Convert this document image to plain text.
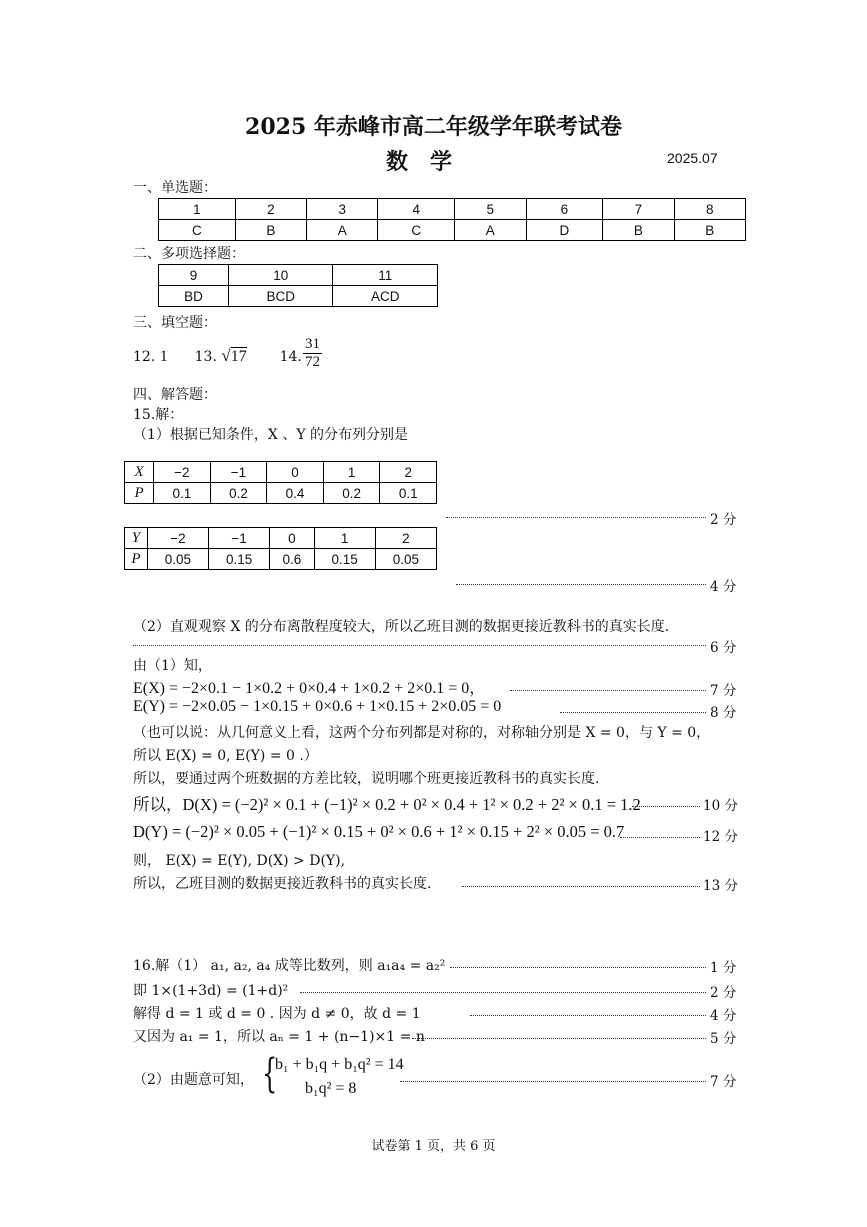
2025 年赤峰市高二年级学年联考试卷
数学	2025.07
一、单选题：
1	2	3	4	5	6	7	8
C	B	A	C	A	D	B	B
二、多项选择题：
9	10	11
BD	BCD	ACD
三、填空题：
12. 1 13. √17 14. $\frac{31}{72}$
四、解答题：
15.解：
（1）根据已知条件，X 、Y 的分布列分别是
X	−2	−1	0	1	2
P	0.1	0.2	0.4	0.2	0.1
2 分
Y	−2	−1	0	1	2
P	0.05	0.15	0.6	0.15	0.05
4 分
（2）直观观察 X 的分布离散程度较大，所以乙班目测的数据更接近教科书的真实长度.
6 分
由（1）知，
E(X) = −2×0.1 − 1×0.2 + 0×0.4 + 1×0.2 + 2×0.1 = 0，	7 分
E(Y) = −2×0.05 − 1×0.15 + 0×0.6 + 1×0.15 + 2×0.05 = 0	8 分
（也可以说：从几何意义上看，这两个分布列都是对称的，对称轴分别是 X = 0，与 Y = 0，
所以 E(X) = 0, E(Y) = 0 .）
所以，要通过两个班数据的方差比较，说明哪个班更接近教科书的真实长度.
所以，D(X) = (−2)² × 0.1 + (−1)² × 0.2 + 0² × 0.4 + 1² × 0.2 + 2² × 0.1 = 1.2	10 分
D(Y) = (−2)² × 0.05 + (−1)² × 0.15 + 0² × 0.6 + 1² × 0.15 + 2² × 0.05 = 0.7	12 分
则， E(X) = E(Y), D(X) > D(Y),
所以，乙班目测的数据更接近教科书的真实长度.	13 分
16.解（1） a₁, a₂, a₄ 成等比数列，则 a₁a₄ = a₂²	1 分
即 1×(1+3d) = (1+d)²	2 分
解得 d = 1 或 d = 0 . 因为 d ≠ 0，故 d = 1	4 分
又因为 a₁ = 1，所以 aₙ = 1 + (n−1)×1 = n	5 分
（2）由题意可知， {
b₁ + b₁q + b₁q² = 14
b₁q² = 8	7 分
试卷第 1 页，共 6 页
